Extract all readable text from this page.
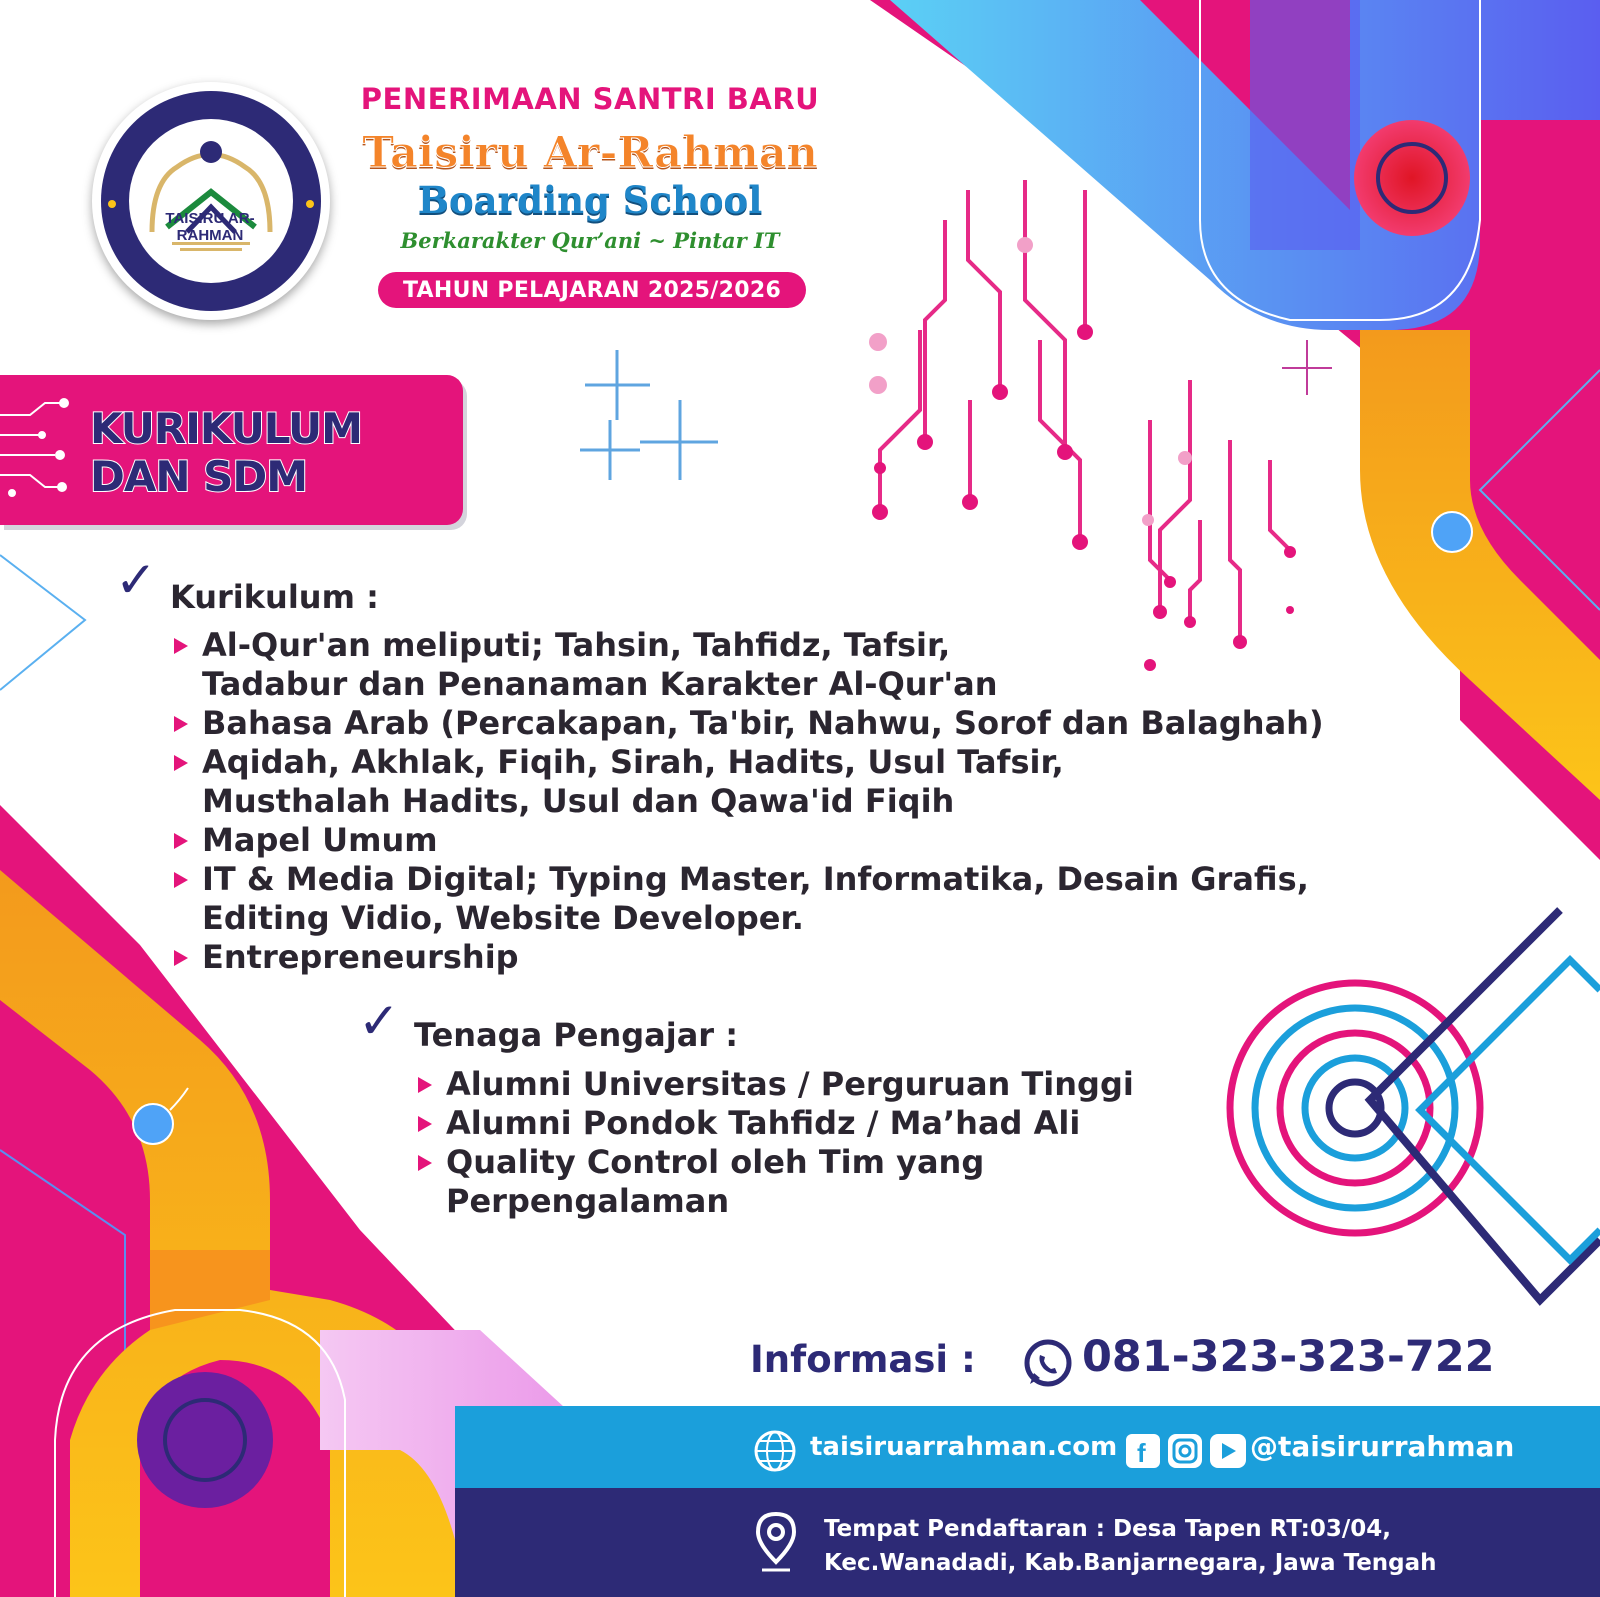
TAISIRU AR-RAHMAN
PENERIMAAN SANTRI BARU
Taisiru Ar-Rahman
Boarding School
Berkarakter Qur’ani ~ Pintar IT
TAHUN PELAJARAN 2025/2026
KURIKULUM
DAN SDM
✓ Kurikulum :
Al-Qur'an meliputi; Tahsin, Tahfidz, Tafsir, Tadabur dan Penanaman Karakter Al-Qur'an
Bahasa Arab (Percakapan, Ta'bir, Nahwu, Sorof dan Balaghah)
Aqidah, Akhlak, Fiqih, Sirah, Hadits, Usul Tafsir, Musthalah Hadits, Usul dan Qawa'id Fiqih
Mapel Umum
IT & Media Digital; Typing Master, Informatika, Desain Grafis, Editing Vidio, Website Developer.
Entrepreneurship
✓ Tenaga Pengajar :
Alumni Universitas / Perguruan Tinggi
Alumni Pondok Tahfidz / Ma’had Ali
Quality Control oleh Tim yang Perpengalaman
Informasi : 081-323-323-722
taisiruarrahman.com f	@taisirurrahman
Tempat Pendaftaran : Desa Tapen RT:03/04,
Kec.Wanadadi, Kab.Banjarnegara, Jawa Tengah
